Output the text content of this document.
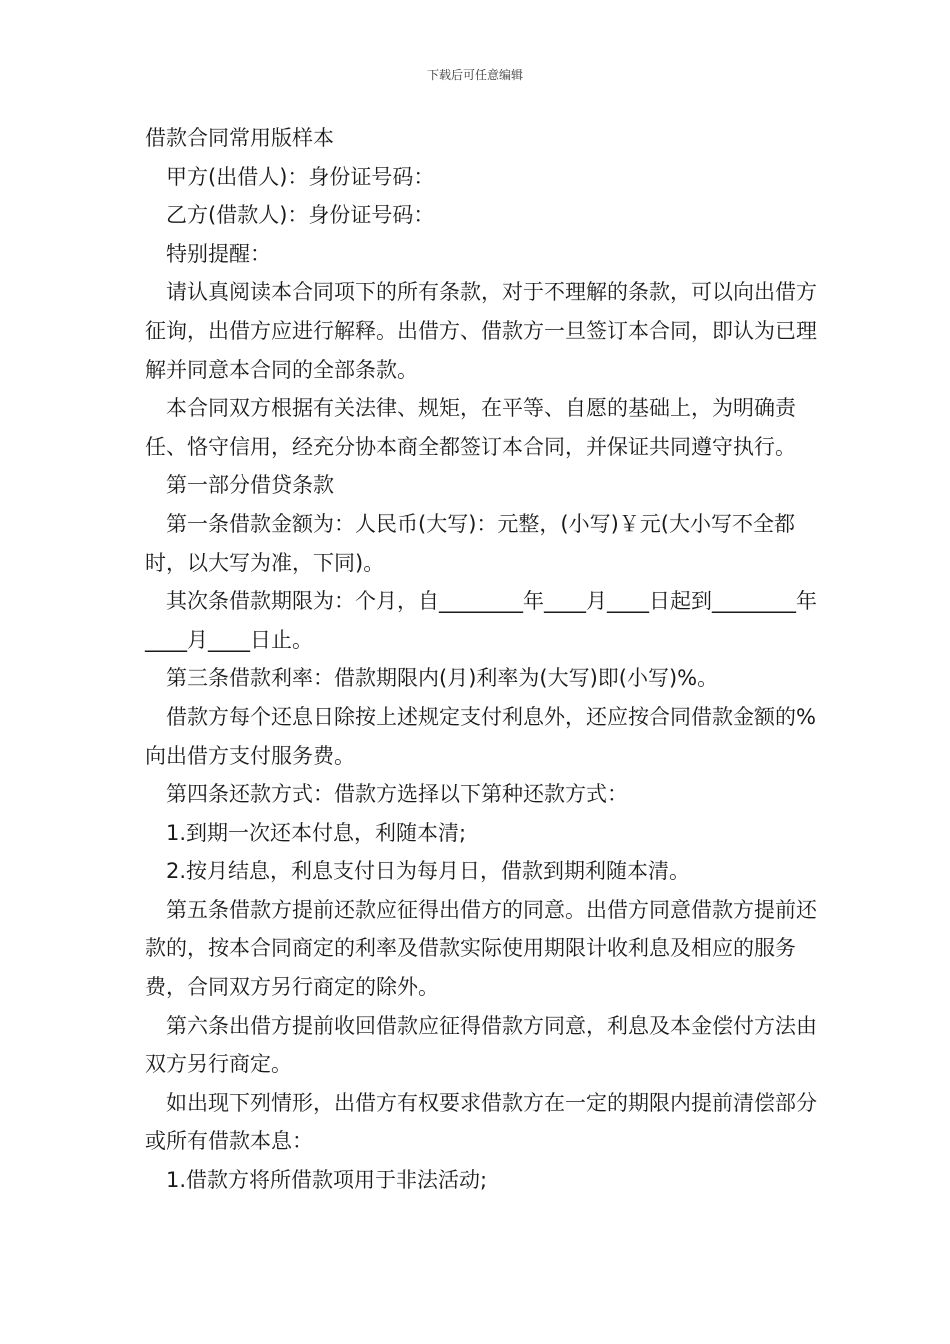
下载后可任意编辑

借款合同常用版样本

甲方(出借人)：身份证号码：

乙方(借款人)：身份证号码：

特别提醒：

请认真阅读本合同项下的所有条款，对于不理解的条款，可以向出借方征询，出借方应进行解释。出借方、借款方一旦签订本合同，即认为已理解并同意本合同的全部条款。

本合同双方根据有关法律、规矩，在平等、自愿的基础上，为明确责任、恪守信用，经充分协本商全都签订本合同，并保证共同遵守执行。

第一部分借贷条款

第一条借款金额为：人民币(大写)：元整，(小写)￥元(大小写不全都时，以大写为准，下同)。

其次条借款期限为：个月，自________年____月____日起到________年____月____日止。

第三条借款利率：借款期限内(月)利率为(大写)即(小写)%。

借款方每个还息日除按上述规定支付利息外，还应按合同借款金额的%向出借方支付服务费。

第四条还款方式：借款方选择以下第种还款方式：

1.到期一次还本付息，利随本清;

2.按月结息，利息支付日为每月日，借款到期利随本清。

第五条借款方提前还款应征得出借方的同意。出借方同意借款方提前还款的，按本合同商定的利率及借款实际使用期限计收利息及相应的服务费，合同双方另行商定的除外。

第六条出借方提前收回借款应征得借款方同意，利息及本金偿付方法由双方另行商定。

如出现下列情形，出借方有权要求借款方在一定的期限内提前清偿部分或所有借款本息：

1.借款方将所借款项用于非法活动;
